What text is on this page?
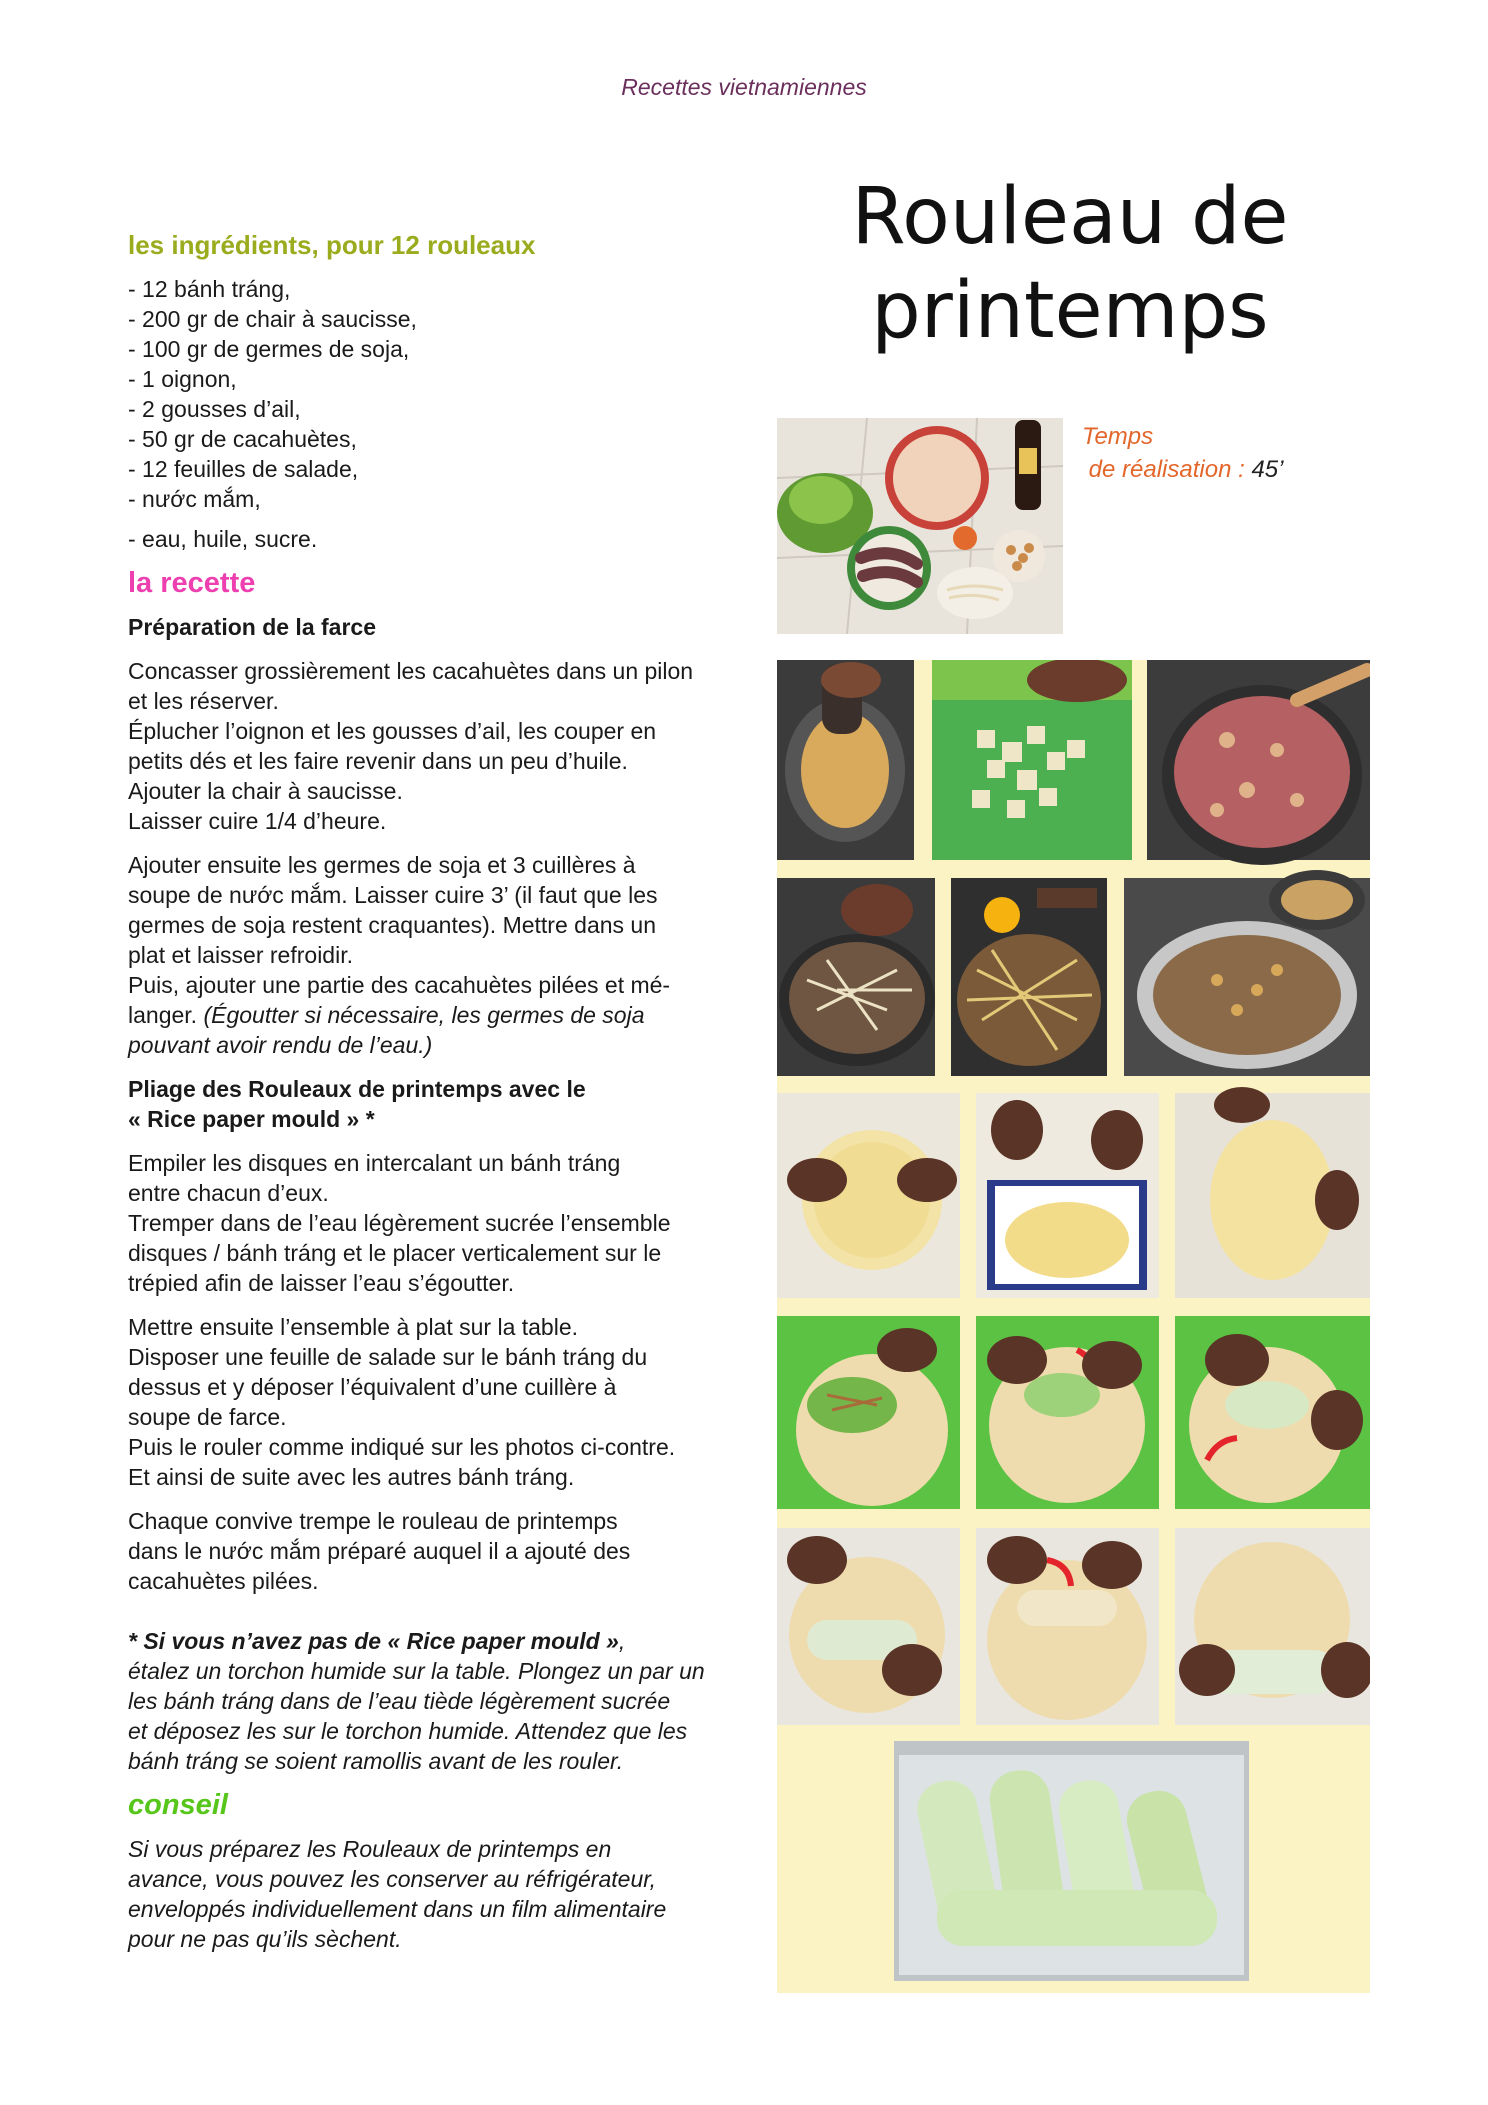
Recettes vietnamiennes
Rouleau de
printemps
Temps
de réalisation : 45’
les ingrédients, pour 12 rouleaux
- 12 bánh tráng,
- 200 gr de chair à saucisse,
- 100 gr de germes de soja,
- 1 oignon,
- 2 gousses d’ail,
- 50 gr de cacahuètes,
- 12 feuilles de salade,
- nước mắm,

- eau, huile, sucre.

la recette

Préparation de la farce

Concasser grossièrement les cacahuètes dans un pilon
et les réserver.
Éplucher l’oignon et les gousses d’ail, les couper en
petits dés et les faire revenir dans un peu d’huile.
Ajouter la chair à saucisse.
Laisser cuire 1/4 d’heure.

Ajouter ensuite les germes de soja et 3 cuillères à
soupe de nước mắm. Laisser cuire 3’ (il faut que les
germes de soja restent craquantes). Mettre dans un
plat et laisser refroidir.
Puis, ajouter une partie des cacahuètes pilées et mé-
langer. (Égoutter si nécessaire, les germes de soja
pouvant avoir rendu de l’eau.)

Pliage des Rouleaux de printemps avec le
« Rice paper mould » *

Empiler les disques en intercalant un bánh tráng
entre chacun d’eux.
Tremper dans de l’eau légèrement sucrée l’ensemble
disques / bánh tráng et le placer verticalement sur le
trépied afin de laisser l’eau s’égoutter.

Mettre ensuite l’ensemble à plat sur la table.
Disposer une feuille de salade sur le bánh tráng du
dessus et y déposer l’équivalent d’une cuillère à
soupe de farce.
Puis le rouler comme indiqué sur les photos ci-contre.
Et ainsi de suite avec les autres bánh tráng.

Chaque convive trempe le rouleau de printemps
dans le nước mắm préparé auquel il a ajouté des
cacahuètes pilées.

* Si vous n’avez pas de « Rice paper mould »,
étalez un torchon humide sur la table. Plongez un par un
les bánh tráng dans de l’eau tiède légèrement sucrée
et déposez les sur le torchon humide. Attendez que les
bánh tráng se soient ramollis avant de les rouler.

conseil

Si vous préparez les Rouleaux de printemps en
avance, vous pouvez les conserver au réfrigérateur,
enveloppés individuellement dans un film alimentaire
pour ne pas qu’ils sèchent.
